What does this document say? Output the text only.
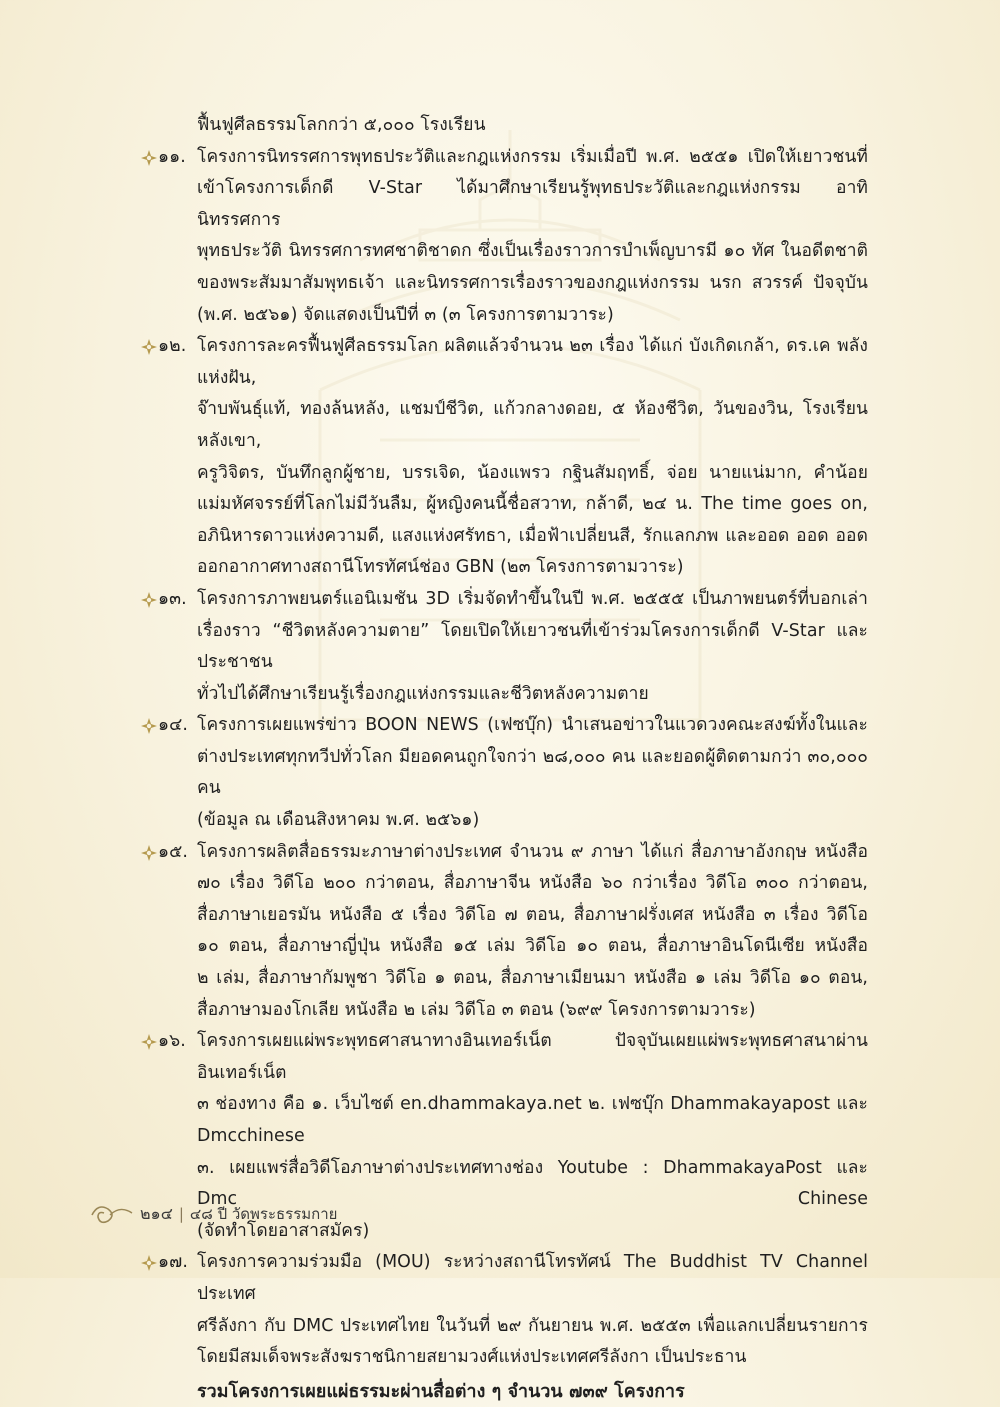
ฟื้นฟูศีลธรรมโลกกว่า ๕,๐๐๐ โรงเรียน
๑๑. โครงการนิทรรศการพุทธประวัติและกฎแห่งกรรม เริ่มเมื่อปี พ.ศ. ๒๕๕๑ เปิดให้เยาวชนที่
เข้าโครงการเด็กดี V-Star ได้มาศึกษาเรียนรู้พุทธประวัติและกฎแห่งกรรม อาทิ นิทรรศการ
พุทธประวัติ นิทรรศการทศชาติชาดก ซึ่งเป็นเรื่องราวการบำเพ็ญบารมี ๑๐ ทัศ ในอดีตชาติ
ของพระสัมมาสัมพุทธเจ้า และนิทรรศการเรื่องราวของกฎแห่งกรรม นรก สวรรค์ ปัจจุบัน
(พ.ศ. ๒๕๖๑) จัดแสดงเป็นปีที่ ๓ (๓ โครงการตามวาระ)
๑๒. โครงการละครฟื้นฟูศีลธรรมโลก ผลิตแล้วจำนวน ๒๓ เรื่อง ได้แก่ บังเกิดเกล้า, ดร.เค พลังแห่งฝัน,
จ๊าบพันธุ์แท้, ทองล้นหลัง, แชมป์ชีวิต, แก้วกลางดอย, ๕ ห้องชีวิต, วันของวิน, โรงเรียนหลังเขา,
ครูวิจิตร, บันทึกลูกผู้ชาย, บรรเจิด, น้องแพรว กฐินสัมฤทธิ์, จ่อย นายแน่มาก, คำน้อย
แม่มหัศจรรย์ที่โลกไม่มีวันลืม, ผู้หญิงคนนี้ชื่อสวาท, กล้าดี, ๒๔ น. The time goes on,
อภินิหารดาวแห่งความดี, แสงแห่งศรัทธา, เมื่อฟ้าเปลี่ยนสี, รักแลกภพ และออด ออด ออด
ออกอากาศทางสถานีโทรทัศน์ช่อง GBN (๒๓ โครงการตามวาระ)
๑๓. โครงการภาพยนตร์แอนิเมชัน 3D เริ่มจัดทำขึ้นในปี พ.ศ. ๒๕๕๕ เป็นภาพยนตร์ที่บอกเล่า
เรื่องราว “ชีวิตหลังความตาย” โดยเปิดให้เยาวชนที่เข้าร่วมโครงการเด็กดี V-Star และประชาชน
ทั่วไปได้ศึกษาเรียนรู้เรื่องกฎแห่งกรรมและชีวิตหลังความตาย
๑๔. โครงการเผยแพร่ข่าว BOON NEWS (เฟซบุ๊ก) นำเสนอข่าวในแวดวงคณะสงฆ์ทั้งในและ
ต่างประเทศทุกทวีปทั่วโลก มียอดคนถูกใจกว่า ๒๘,๐๐๐ คน และยอดผู้ติดตามกว่า ๓๐,๐๐๐ คน
(ข้อมูล ณ เดือนสิงหาคม พ.ศ. ๒๕๖๑)
๑๕. โครงการผลิตสื่อธรรมะภาษาต่างประเทศ จำนวน ๙ ภาษา ได้แก่ สื่อภาษาอังกฤษ หนังสือ
๗๐ เรื่อง วิดีโอ ๒๐๐ กว่าตอน, สื่อภาษาจีน หนังสือ ๖๐ กว่าเรื่อง วิดีโอ ๓๐๐ กว่าตอน,
สื่อภาษาเยอรมัน หนังสือ ๕ เรื่อง วิดีโอ ๗ ตอน, สื่อภาษาฝรั่งเศส หนังสือ ๓ เรื่อง วิดีโอ
๑๐ ตอน, สื่อภาษาญี่ปุ่น หนังสือ ๑๕ เล่ม วิดีโอ ๑๐ ตอน, สื่อภาษาอินโดนีเซีย หนังสือ
๒ เล่ม, สื่อภาษากัมพูชา วิดีโอ ๑ ตอน, สื่อภาษาเมียนมา หนังสือ ๑ เล่ม วิดีโอ ๑๐ ตอน,
สื่อภาษามองโกเลีย หนังสือ ๒ เล่ม วิดีโอ ๓ ตอน (๖๙๙ โครงการตามวาระ)
๑๖. โครงการเผยแผ่พระพุทธศาสนาทางอินเทอร์เน็ต ปัจจุบันเผยแผ่พระพุทธศาสนาผ่านอินเทอร์เน็ต
๓ ช่องทาง คือ ๑. เว็บไซต์ en.dhammakaya.net ๒. เฟซบุ๊ก Dhammakayapost และ Dmcchinese
๓. เผยแพร่สื่อวิดีโอภาษาต่างประเทศทางช่อง Youtube : DhammakayaPost และ Dmc Chinese
(จัดทำโดยอาสาสมัคร)
๑๗. โครงการความร่วมมือ (MOU) ระหว่างสถานีโทรทัศน์ The Buddhist TV Channel ประเทศ
ศรีลังกา กับ DMC ประเทศไทย ในวันที่ ๒๙ กันยายน พ.ศ. ๒๕๕๓ เพื่อแลกเปลี่ยนรายการ
โดยมีสมเด็จพระสังฆราชนิกายสยามวงศ์แห่งประเทศศรีลังกา เป็นประธาน
รวมโครงการเผยแผ่ธรรมะผ่านสื่อต่าง ๆ จำนวน ๗๓๙ โครงการ
๒๑๔ | ๔๘ ปี วัดพระธรรมกาย
